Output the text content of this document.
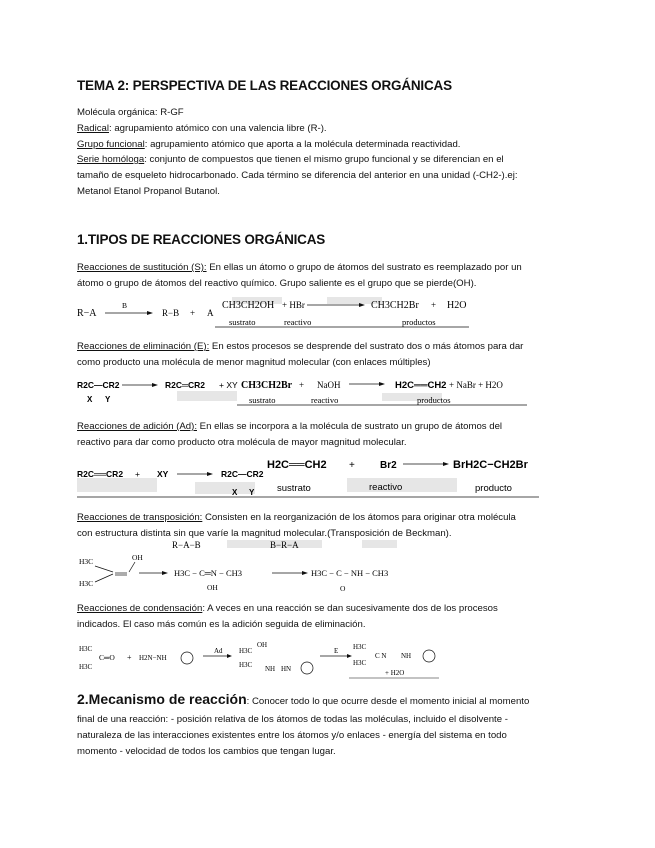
TEMA 2: PERSPECTIVA DE LAS REACCIONES ORGÁNICAS
Molécula orgánica: R-GF
Radical: agrupamiento atómico con una valencia libre (R-).
Grupo funcional: agrupamiento atómico que aporta a la molécula determinada reactividad.
Serie homóloga: conjunto de compuestos que tienen el mismo grupo funcional y se diferencian en el
tamaño de esqueleto hidrocarbonado. Cada término se diferencia del anterior en una unidad (-CH2-).ej:
Metanol Etanol Propanol Butanol.
1.TIPOS DE REACCIONES ORGÁNICAS
Reacciones de sustitución (S): En ellas un átomo o grupo de átomos del sustrato es reemplazado por un
átomo o grupo de átomos del reactivo químico. Grupo saliente es el grupo que se pierde(OH).
R−A
B
R−B + A
CH3CH2OH + HBr	CH3CH2Br + H2O
sustrato	reactivo	productos
Reacciones de eliminación (E): En estos procesos se desprende del sustrato dos o más átomos para dar
como producto una molécula de menor magnitud molecular (con enlaces múltiples)
R2C—CR2	R2C═CR2 + XY
X Y
CH3CH2Br + NaOH	H2C══CH2 + NaBr + H2O
sustrato	reactivo	productos
Reacciones de adición (Ad): En ellas se incorpora a la molécula de sustrato un grupo de átomos del
reactivo para dar como producto otra molécula de mayor magnitud molecular.
R2C══CR2 + XY	R2C—CR2
X Y
H2C══CH2 +	Br2	BrH2C−CH2Br
sustrato	reactivo	producto
Reacciones de transposición: Consisten en la reorganización de los átomos para originar otra molécula
con estructura distinta sin que varíe la magnitud molecular.(Transposición de Beckman).
R−A−B	B−R−A
OH
H3C
H3C
H3C − C═N − CH3
OH
H3C − C − NH − CH3
O
Reacciones de condensación: A veces en una reacción se dan sucesivamente dos de los procesos
indicados. El caso más común es la adición seguida de eliminación.
H3C
C═O
H3C
+ H2N−NH
Ad
OH
H3C
H3C NH HN
E H3C
H3C
C N NH
+ H2O
2.Mecanismo de reacción: Conocer todo lo que ocurre desde el momento inicial al momento
final de una reacción: - posición relativa de los átomos de todas las moléculas, incluido el disolvente -
naturaleza de las interacciones existentes entre los átomos y/o enlaces - energía del sistema en todo
momento - velocidad de todos los cambios que tengan lugar.
